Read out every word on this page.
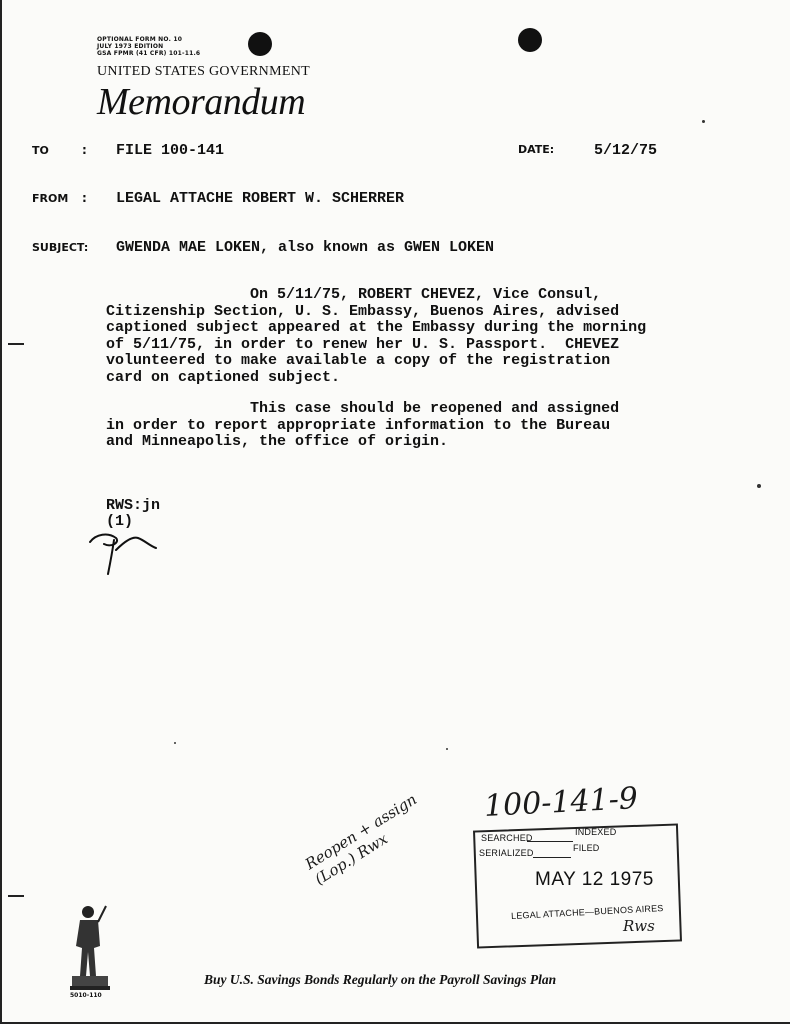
OPTIONAL FORM NO. 10
JULY 1973 EDITION
GSA FPMR (41 CFR) 101-11.6
UNITED STATES GOVERNMENT
Memorandum
TO	: FILE 100-141	DATE:	5/12/75
FROM : LEGAL ATTACHE ROBERT W. SCHERRER
SUBJECT: GWENDA MAE LOKEN, also known as GWEN LOKEN
On 5/11/75, ROBERT CHEVEZ, Vice Consul,
Citizenship Section, U. S. Embassy, Buenos Aires, advised
captioned subject appeared at the Embassy during the morning
of 5/11/75, in order to renew her U. S. Passport.  CHEVEZ
volunteered to make available a copy of the registration
card on captioned subject.
This case should be reopened and assigned
in order to report appropriate information to the Bureau
and Minneapolis, the office of origin.
RWS:jn
(1)
Reopen + assign (Lop.) Rwx
100-141-9
SEARCHED
INDEXED
SERIALIZED	FILED
MAY 12 1975
LEGAL ATTACHE—BUENOS AIRES
Rws
5010-110
Buy U.S. Savings Bonds Regularly on the Payroll Savings Plan
